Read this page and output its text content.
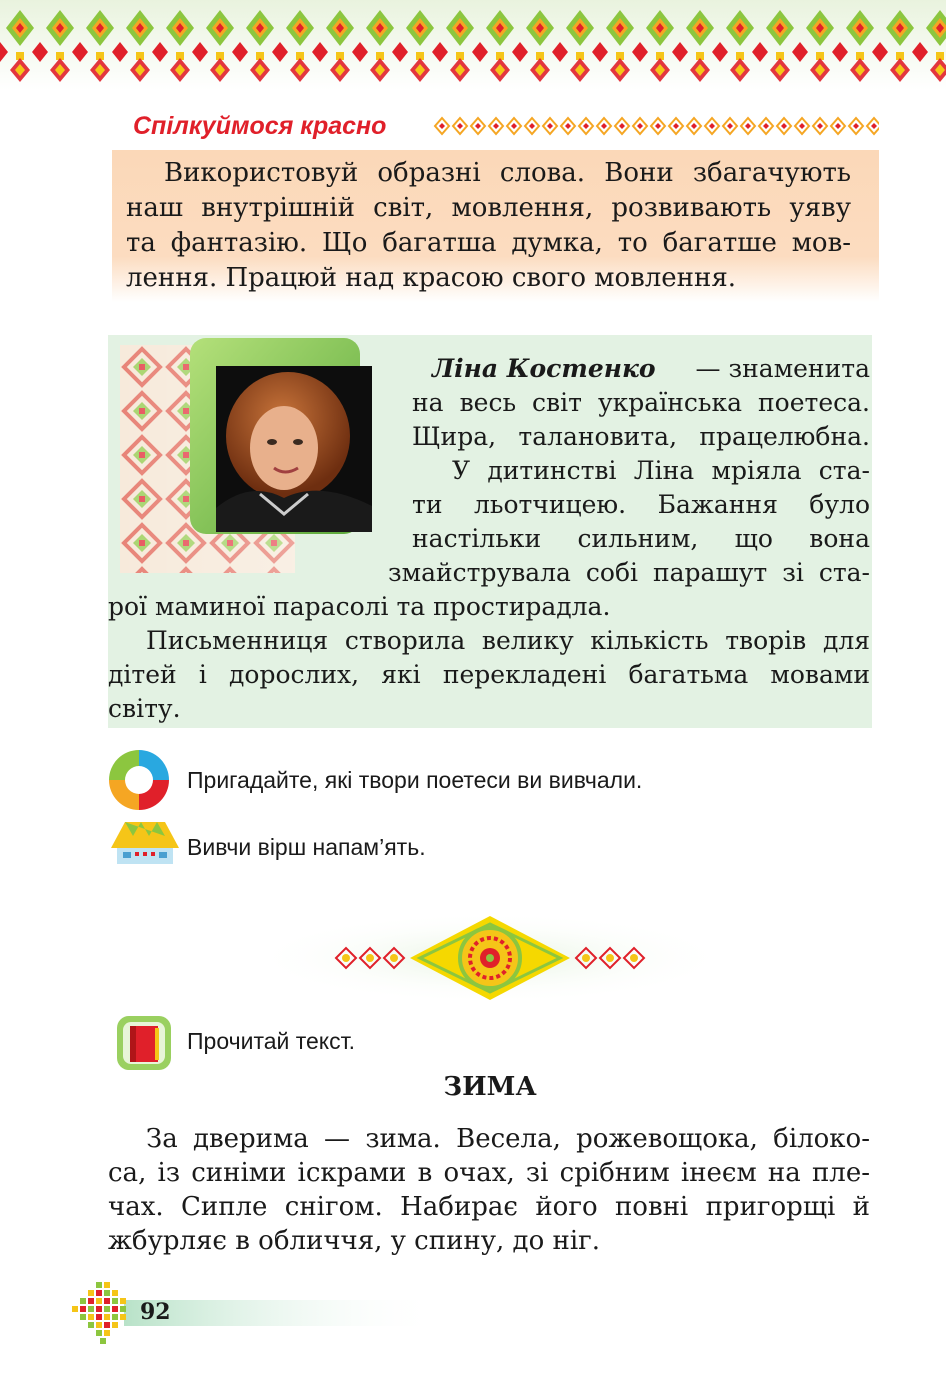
Спілкуймося красно
Використовуй образні слова. Вони збагачують
наш внутрішній світ, мовлення, розвивають уяву
та фантазію. Що багатша думка, то багатше мов-
лення. Працюй над красою свого мовлення.
Ліна Костенко — знаменита
на весь світ українська поетеса.
Щира, талановита, працелюбна.
У дитинстві Ліна мріяла ста-
ти льотчицею. Бажання було
настільки сильним, що вона
змайструвала собі парашут зі ста-
рої маминої парасолі та простирадла.
Письменниця створила велику кількість творів для
дітей і дорослих, які перекладені багатьма мовами
світу.
Пригадайте, які твори поетеси ви вивчали.
Вивчи вірш напам’ять.
Прочитай текст.
ЗИМА
За дверима — зима. Весела, рожевощока, білоко-
са, із синіми іскрами в очах, зі срібним інеєм на пле-
чах. Сипле снігом. Набирає його повні пригорщі й
жбурляє в обличчя, у спину, до ніг.
92
